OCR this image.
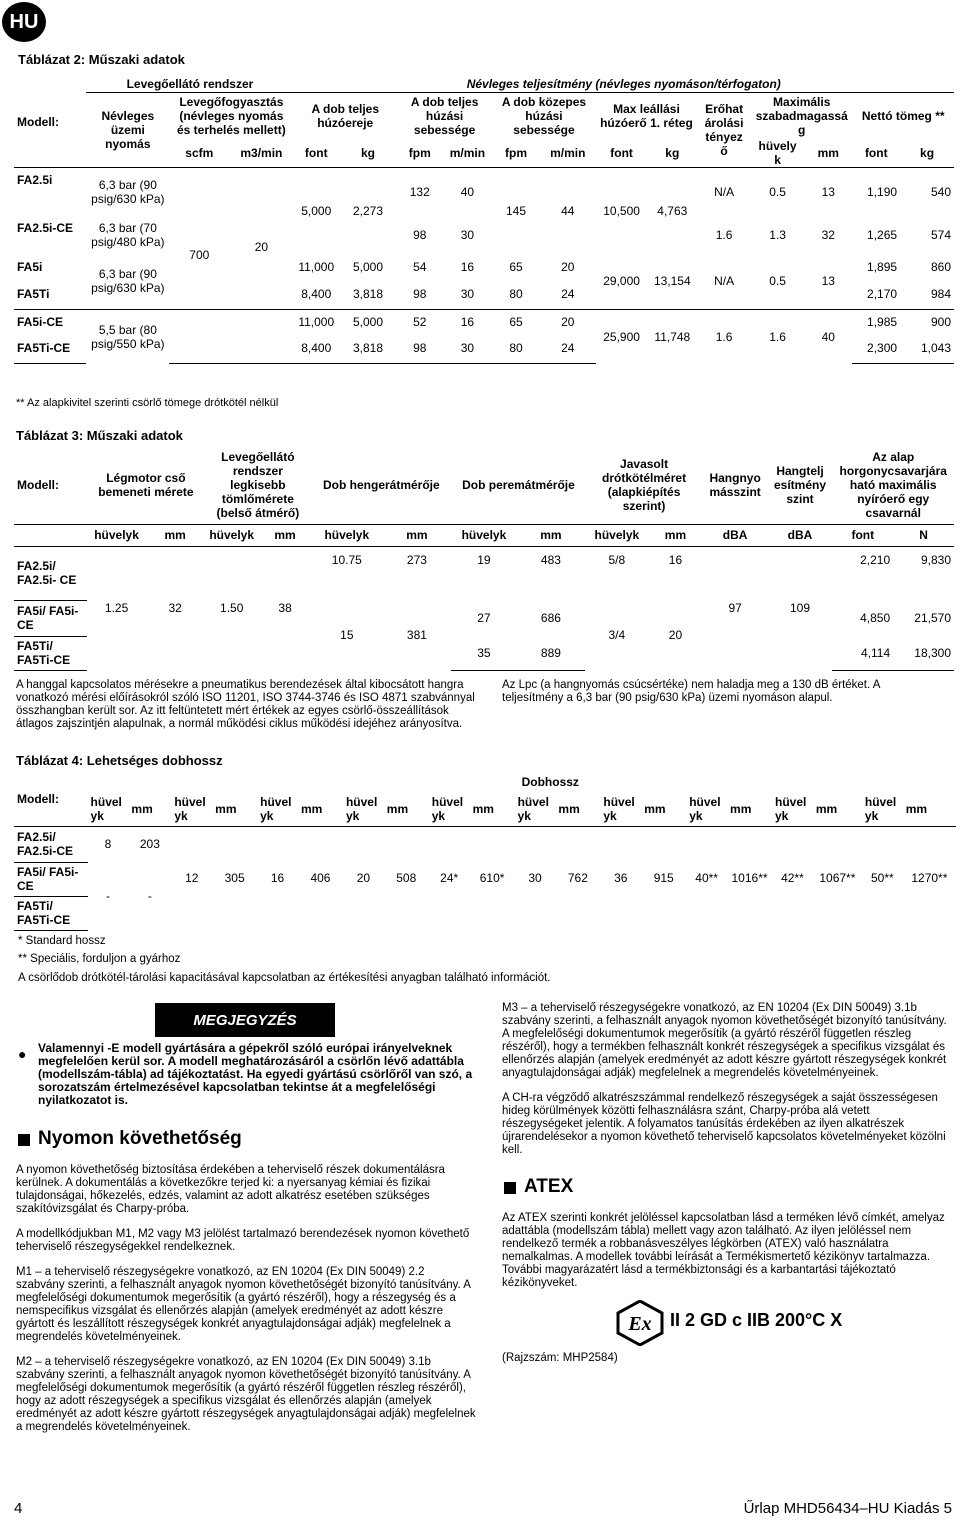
HU
Táblázat 2: Műszaki adatok
Modell:	Levegőellátó rendszer			Névleges teljesítmény (névleges nyomáson/térfogaton)												
	Névleges üzemi nyomás	Levegőfogyasztás (névleges nyomás és terhelés mellett)		A dob teljes húzóereje		A dob teljes húzási sebessége		A dob közepes húzási sebessége		Max leállási húzóerő 1. réteg		Erőhat árolási tényez ő	Maximális szabadmagassá g		Nettó tömeg **	
		scfm	m3/min	font	kg	fpm	m/min	fpm	m/min	font	kg		hüvely k	mm	font	kg
FA2.5i	6,3 bar (90 psig/630 kPa)			5,000	2,273	132	40	145	44	10,500	4,763	N/A	0.5	13	1,190	540

FA2.5i-CE	6,3 bar (70 psig/480 kPa)					98	30					1.6	1.3	32	1,265	574

FA5i	6,3 bar (90 psig/630 kPa)	700	20	11,000	5,000	54	16	65	20	29,000	13,154	N/A	0.5	13	1,895	860
FA5Ti				8,400	3,818	98	30	80	24						2,170	984
FA5i-CE	5,5 bar (80 psig/550 kPa)			11,000	5,000	52	16	65	20	25,900	11,748	1.6	1.6	40	1,985	900
FA5Ti-CE				8,400	3,818	98	30	80	24						2,300	1,043
** Az alapkivitel szerinti csörlő tömege drótkötél nélkül
Táblázat 3: Műszaki adatok
Modell:	Légmotor cső bemeneti mérete		Levegőellátó rendszer legkisebb tömlőmérete (belső átmérő)		Dob hengerátmérője		Dob peremátmérője		Javasolt drótkötélméret (alapkiépítés szerint)		Hangnyo másszint	Hangtelj esítmény szint	Az alap horgonycsavarjára ható maximális nyíróerő egy csavarnál	
	hüvelyk	mm	hüvelyk	mm	hüvelyk	mm	hüvelyk	mm	hüvelyk	mm	dBA	dBA	font	N
FA2.5i/ FA2.5i- CE	1.25	32	1.50	38	10.75	273	19	483	5/8	16	97	109	2,210	9,830
FA5i/ FA5i-CE					15	381	27	686	3/4	20			4,850	21,570
FA5Ti/ FA5Ti-CE							35	889					4,114	18,300
A hanggal kapcsolatos mérésekre a pneumatikus berendezések által kibocsátott hangra vonatkozó mérési előírásokról szóló ISO 11201, ISO 3744-3746 és ISO 4871 szabvánnyal összhangban került sor. Az itt feltüntetett mért értékek az egyes csörlő-összeállítások átlagos zajszintjén alapulnak, a normál működési ciklus működési idejéhez arányosítva.
Az Lpc (a hangnyomás csúcsértéke) nem haladja meg a 130 dB értéket. A teljesítmény a 6,3 bar (90 psig/630 kPa) üzemi nyomáson alapul.
Táblázat 4: Lehetséges dobhossz
	Dobhossz																			
Modell:	hüvel yk	mm	hüvel yk	mm	hüvel yk	mm	hüvel yk	mm	hüvel yk	mm	hüvel yk	mm	hüvel yk	mm	hüvel yk	mm	hüvel yk	mm	hüvel yk	mm
FA2.5i/ FA2.5i-CE	8	203	12	305	16	406	20	508	24*	610*	30	762	36	915	40**	1016**	42**	1067**	50**	1270**
FA5i/ FA5i-CE	-	-																		
FA5Ti/ FA5Ti-CE																				
* Standard hossz
** Speciális, forduljon a gyárhoz
A csörlődob drótkötél-tárolási kapacitásával kapcsolatban az értékesítési anyagban található információt.
MEGJEGYZÉS
● Valamennyi -E modell gyártására a gépekről szóló európai irányelveknek megfelelően kerül sor. A modell meghatározásáról a csörlőn lévő adattábla (modellszám-tábla) ad tájékoztatást. Ha egyedi gyártású csörlőről van szó, a sorozatszám értelmezésével kapcsolatban tekintse át a megfelelőségi nyilatkozatot is.
Nyomon követhetőség

A nyomon követhetőség biztosítása érdekében a teherviselő részek dokumentálásra kerülnek. A dokumentálás a következőkre terjed ki: a nyersanyag kémiai és fizikai tulajdonságai, hőkezelés, edzés, valamint az adott alkatrész esetében szükséges szakítóvizsgálat és Charpy-próba.

A modellkódjukban M1, M2 vagy M3 jelölést tartalmazó berendezések nyomon követhető teherviselő részegységekkel rendelkeznek.

M1 – a teherviselő részegységekre vonatkozó, az EN 10204 (Ex DIN 50049) 2.2 szabvány szerinti, a felhasznált anyagok nyomon követhetőségét bizonyító tanúsítvány. A megfelelőségi dokumentumok megerősítik (a gyártó részéről), hogy a részegység és a nemspecifikus vizsgálat és ellenőrzés alapján (amelyek eredményét az adott készre gyártott és leszállított részegységek konkrét anyagtulajdonságai adják) megfelelnek a megrendelés követelményeinek.

M2 – a teherviselő részegységekre vonatkozó, az EN 10204 (Ex DIN 50049) 3.1b szabvány szerinti, a felhasznált anyagok nyomon követhetőségét bizonyító tanúsítvány. A megfelelőségi dokumentumok megerősítik (a gyártó részéről független részleg részéről), hogy az adott részegységek a specifikus vizsgálat és ellenőrzés alapján (amelyek eredményét az adott készre gyártott részegységek anyagtulajdonságai adják) megfelelnek a megrendelés követelményeinek.

M3 – a teherviselő részegységekre vonatkozó, az EN 10204 (Ex DIN 50049) 3.1b szabvány szerinti, a felhasznált anyagok nyomon követhetőségét bizonyító tanúsítvány. A megfelelőségi dokumentumok megerősítik (a gyártó részéről független részleg részéről), hogy a termékben felhasznált konkrét részegységek a specifikus vizsgálat és ellenőrzés alapján (amelyek eredményét az adott készre gyártott részegységek konkrét anyagtulajdonságai adják) megfelelnek a megrendelés követelményeinek.

A CH-ra végződő alkatrészszámmal rendelkező részegységek a saját összességesen hideg körülmények közötti felhasználásra szánt, Charpy-próba alá vetett részegységeket jelentik. A folyamatos tanúsítás érdekében az ilyen alkatrészek újrarendelésekor a nyomon követhető teherviselő kapcsolatos követelményeket közölni kell.

ATEX
Az ATEX szerinti konkrét jelöléssel kapcsolatban lásd a terméken lévő címkét, amelyaz adattábla (modellszám tábla) mellett vagy azon található. Az ilyen jelöléssel nem rendelkező termék a robbanásveszélyes légkörben (ATEX) való használatra nemalkalmas. A modellek további leírását a Termékismertető kézikönyv tartalmazza. További magyarázatért lásd a termékbiztonsági és a karbantartási tájékoztató kézikönyveket.
Ex II 2 GD c IIB 200°C X
(Rajzszám: MHP2584)
4	Űrlap MHD56434–HU Kiadás 5
